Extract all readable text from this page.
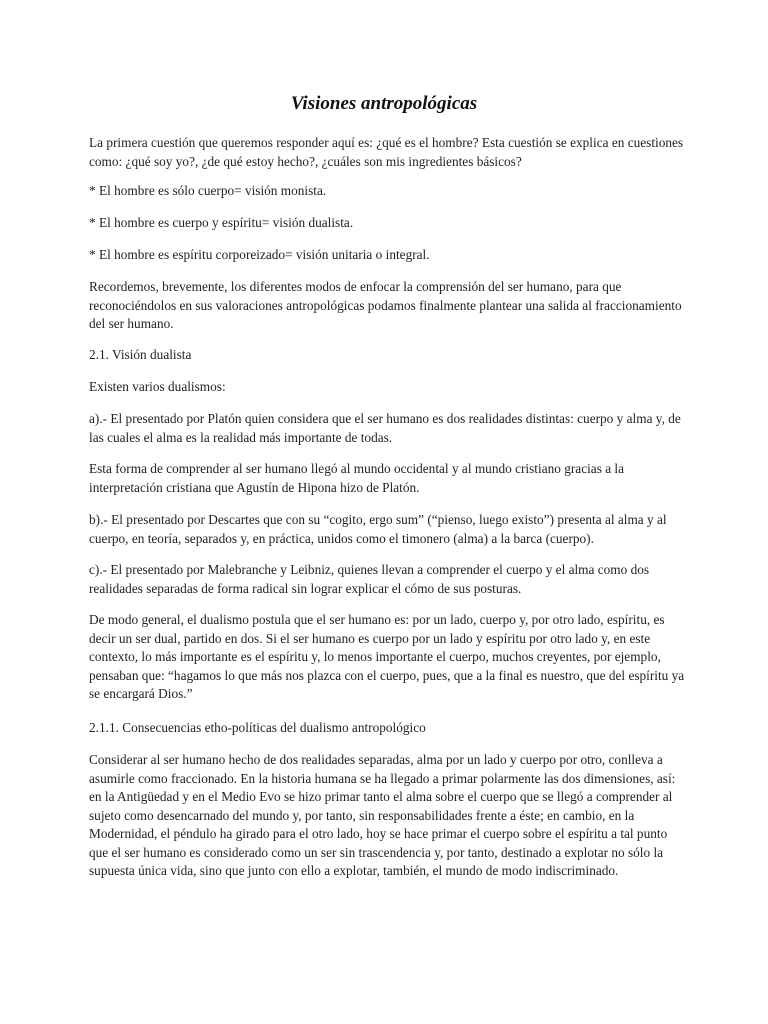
Visiones antropológicas

La primera cuestión que queremos responder aquí es: ¿qué es el hombre? Esta cuestión se explica en cuestiones como: ¿qué soy yo?, ¿de qué estoy hecho?, ¿cuáles son mis ingredientes básicos?

* El hombre es sólo cuerpo= visión monista.

* El hombre es cuerpo y espíritu= visión dualista.

* El hombre es espíritu corporeizado= visión unitaria o integral.

Recordemos, brevemente, los diferentes modos de enfocar la comprensión del ser humano, para que reconociéndolos en sus valoraciones antropológicas podamos finalmente plantear una salida al fraccionamiento del ser humano.

2.1. Visión dualista

Existen varios dualismos:

a).- El presentado por Platón quien considera que el ser humano es dos realidades distintas: cuerpo y alma y, de las cuales el alma es la realidad más importante de todas.

Esta forma de comprender al ser humano llegó al mundo occidental y al mundo cristiano gracias a la interpretación cristiana que Agustín de Hipona hizo de Platón.

b).- El presentado por Descartes que con su “cogito, ergo sum” (“pienso, luego existo”) presenta al alma y al cuerpo, en teoría, separados y, en práctica, unidos como el timonero (alma) a la barca (cuerpo).

c).- El presentado por Malebranche y Leibniz, quienes llevan a comprender el cuerpo y el alma como dos realidades separadas de forma radical sin lograr explicar el cómo de sus posturas.

De modo general, el dualismo postula que el ser humano es: por un lado, cuerpo y, por otro lado, espíritu, es decir un ser dual, partido en dos. Si el ser humano es cuerpo por un lado y espíritu por otro lado y, en este contexto, lo más importante es el espíritu y, lo menos importante el cuerpo, muchos creyentes, por ejemplo, pensaban que: “hagamos lo que más nos plazca con el cuerpo, pues, que a la final es nuestro, que del espíritu ya se encargará Dios.”

2.1.1. Consecuencias etho-políticas del dualismo antropológico

Considerar al ser humano hecho de dos realidades separadas, alma por un lado y cuerpo por otro, conlleva a asumirle como fraccionado. En la historia humana se ha llegado a primar polarmente las dos dimensiones, así: en la Antigüedad y en el Medio Evo se hizo primar tanto el alma sobre el cuerpo que se llegó a comprender al sujeto como desencarnado del mundo y, por tanto, sin responsabilidades frente a éste; en cambio, en la Modernidad, el péndulo ha girado para el otro lado, hoy se hace primar el cuerpo sobre el espíritu a tal punto que el ser humano es considerado como un ser sin trascendencia y, por tanto, destinado a explotar no sólo la supuesta única vida, sino que junto con ello a explotar, también, el mundo de modo indiscriminado.
